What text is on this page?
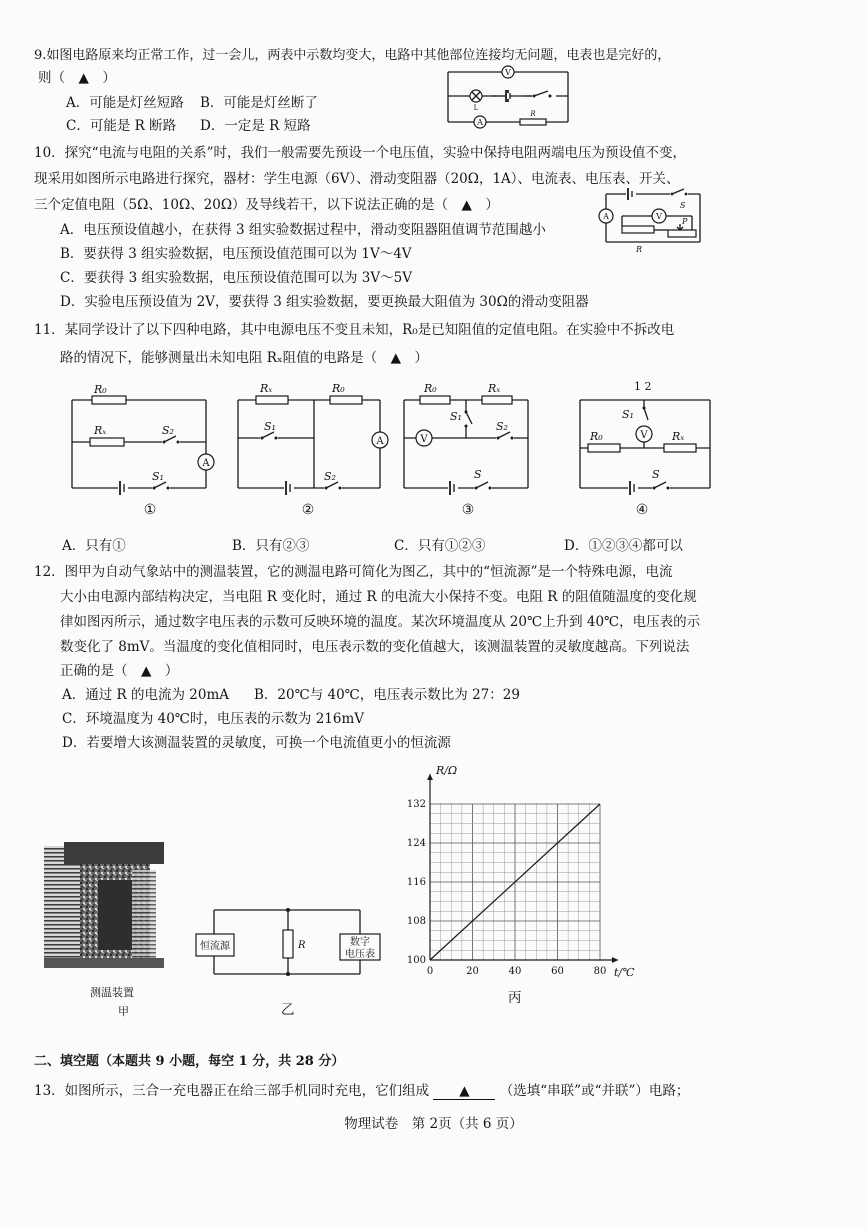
9.如图电路原来均正常工作，过一会儿，两表中示数均变大，电路中其他部位连接均无问题，电表也是完好的，
则（　▲　）
A．可能是灯丝短路 B．可能是灯丝断了
C．可能是 R 断路 D．一定是 R 短路
V
L
A
R
10．探究“电流与电阻的关系”时，我们一般需要先预设一个电压值，实验中保持电阻两端电压为预设值不变，
现采用如图所示电路进行探究，器材：学生电源（6V）、滑动变阻器（20Ω，1A）、电流表、电压表、开关、
三个定值电阻（5Ω、10Ω、20Ω）及导线若干，以下说法正确的是（　▲　）
A．电压预设值越小，在获得 3 组实验数据过程中，滑动变阻器阻值调节范围越小
B．要获得 3 组实验数据，电压预设值范围可以为 1V～4V
C．要获得 3 组实验数据，电压预设值范围可以为 3V～5V
D．实验电压预设值为 2V，要获得 3 组实验数据，要更换最大阻值为 30Ω的滑动变阻器
S
A	V
R
P
11．某同学设计了以下四种电路，其中电源电压不变且未知，R₀是已知阻值的定值电阻。在实验中不拆改电
路的情况下，能够测量出未知电阻 Rₓ阻值的电路是（　▲　）
R₀
Rₓ	S₂
A
S₁
①
Rₓ	R₀
S₁
A
S₂
②
R₀	Rₓ
S₁
V
S₂
S
③
1 2
S₁
V
R₀	Rₓ
S
④
A．只有①	B．只有②③	C．只有①②③	D．①②③④都可以
12．图甲为自动气象站中的测温装置，它的测温电路可简化为图乙，其中的“恒流源”是一个特殊电源，电流
大小由电源内部结构决定，当电阻 R 变化时，通过 R 的电流大小保持不变。电阻 R 的阻值随温度的变化规
律如图丙所示，通过数字电压表的示数可反映环境的温度。某次环境温度从 20℃上升到 40℃，电压表的示
数变化了 8mV。当温度的变化值相同时，电压表示数的变化值越大，该测温装置的灵敏度越高。下列说法
正确的是（　▲　）
A．通过 R 的电流为 20mA B．20℃与 40℃，电压表示数比为 27：29
C．环境温度为 40℃时，电压表的示数为 216mV
D．若要增大该测温装置的灵敏度，可换一个电流值更小的恒流源
测温装置
甲
恒流源	R	数字
电压表
乙
0	20	40	60	80
100
108
116
124
132
R/Ω
t/℃
丙
二、填空题（本题共 9 小题，每空 1 分，共 28 分）
13．如图所示，三合一充电器正在给三部手机同时充电，它们组成 ▲ （选填“串联”或“并联”）电路；
物理试卷　第 2页（共 6 页）
